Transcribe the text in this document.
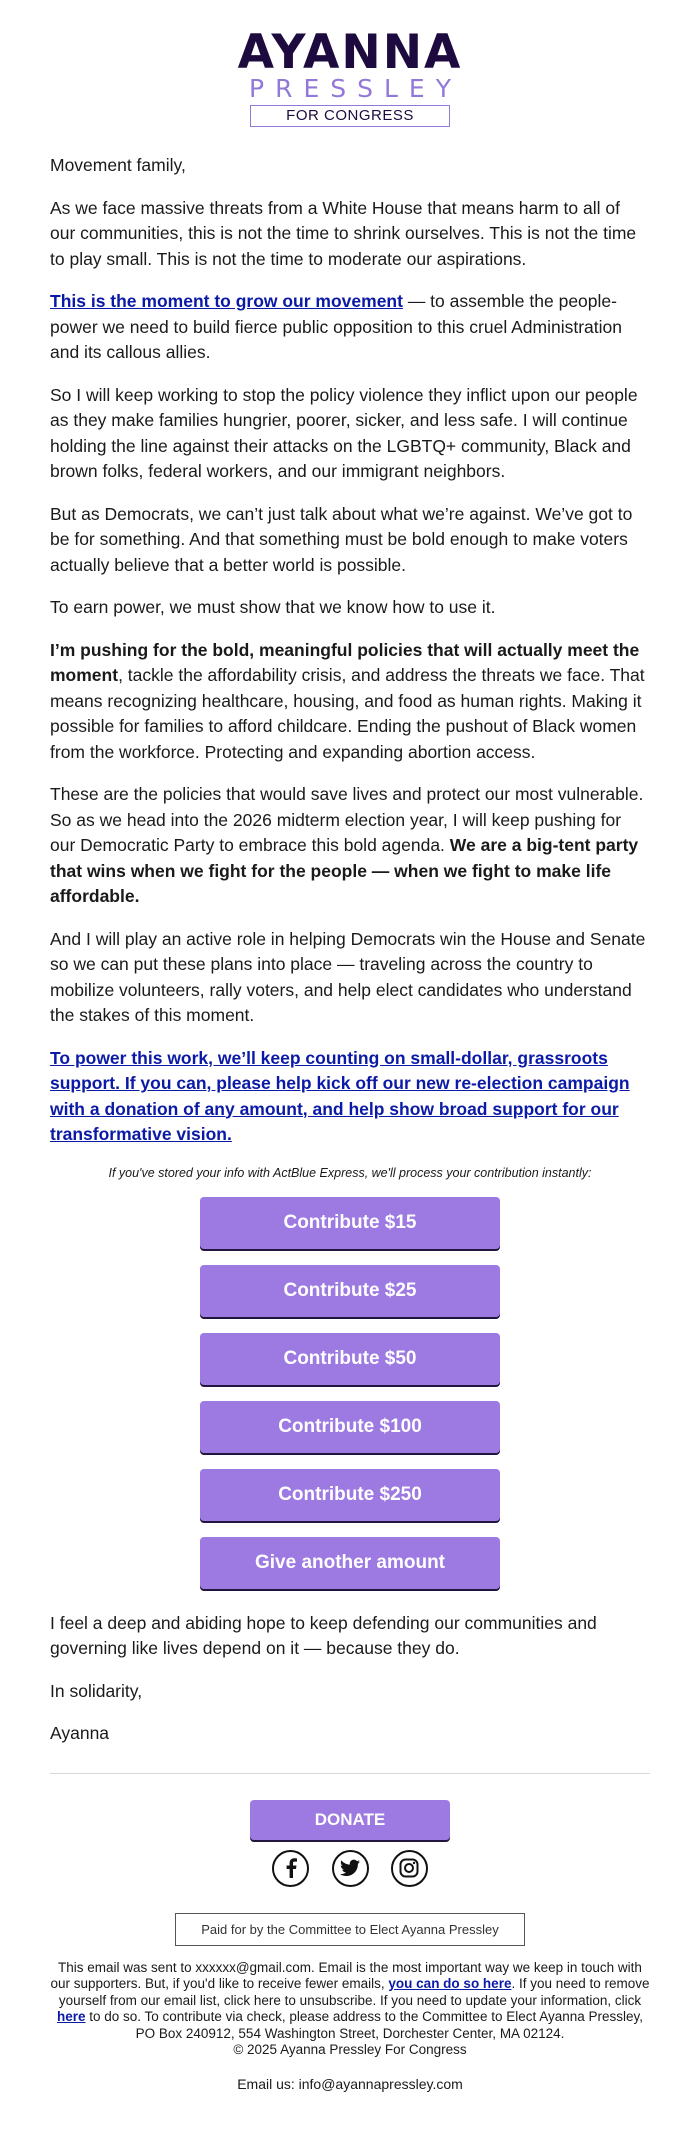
AYANNA
PRESSLEY
FOR CONGRESS

Movement family,

As we face massive threats from a White House that means harm to all of our communities, this is not the time to shrink ourselves. This is not the time to play small. This is not the time to moderate our aspirations.

This is the moment to grow our movement — to assemble the people-power we need to build fierce public opposition to this cruel Administration and its callous allies.

So I will keep working to stop the policy violence they inflict upon our people as they make families hungrier, poorer, sicker, and less safe. I will continue holding the line against their attacks on the LGBTQ+ community, Black and brown folks, federal workers, and our immigrant neighbors.

But as Democrats, we can’t just talk about what we’re against. We’ve got to be for something. And that something must be bold enough to make voters actually believe that a better world is possible.

To earn power, we must show that we know how to use it.

I’m pushing for the bold, meaningful policies that will actually meet the moment, tackle the affordability crisis, and address the threats we face. That means recognizing healthcare, housing, and food as human rights. Making it possible for families to afford childcare. Ending the pushout of Black women from the workforce. Protecting and expanding abortion access.

These are the policies that would save lives and protect our most vulnerable. So as we head into the 2026 midterm election year, I will keep pushing for our Democratic Party to embrace this bold agenda. We are a big-tent party that wins when we fight for the people — when we fight to make life affordable.

And I will play an active role in helping Democrats win the House and Senate so we can put these plans into place — traveling across the country to mobilize volunteers, rally voters, and help elect candidates who understand the stakes of this moment.

To power this work, we’ll keep counting on small-dollar, grassroots support. If you can, please help kick off our new re-election campaign with a donation of any amount, and help show broad support for our transformative vision.

If you've stored your info with ActBlue Express, we'll process your contribution instantly:
Contribute $15
Contribute $25
Contribute $50
Contribute $100
Contribute $250
Give another amount

I feel a deep and abiding hope to keep defending our communities and governing like lives depend on it — because they do.

In solidarity,

Ayanna

DONATE

Paid for by the Committee to Elect Ayanna Pressley
This email was sent to xxxxxx@gmail.com. Email is the most important way we keep in touch with our supporters. But, if you'd like to receive fewer emails, you can do so here. If you need to remove yourself from our email list, click here to unsubscribe. If you need to update your information, click here to do so. To contribute via check, please address to the Committee to Elect Ayanna Pressley, PO Box 240912, 554 Washington Street, Dorchester Center, MA 02124.
© 2025 Ayanna Pressley For Congress
Email us: info@ayannapressley.com
